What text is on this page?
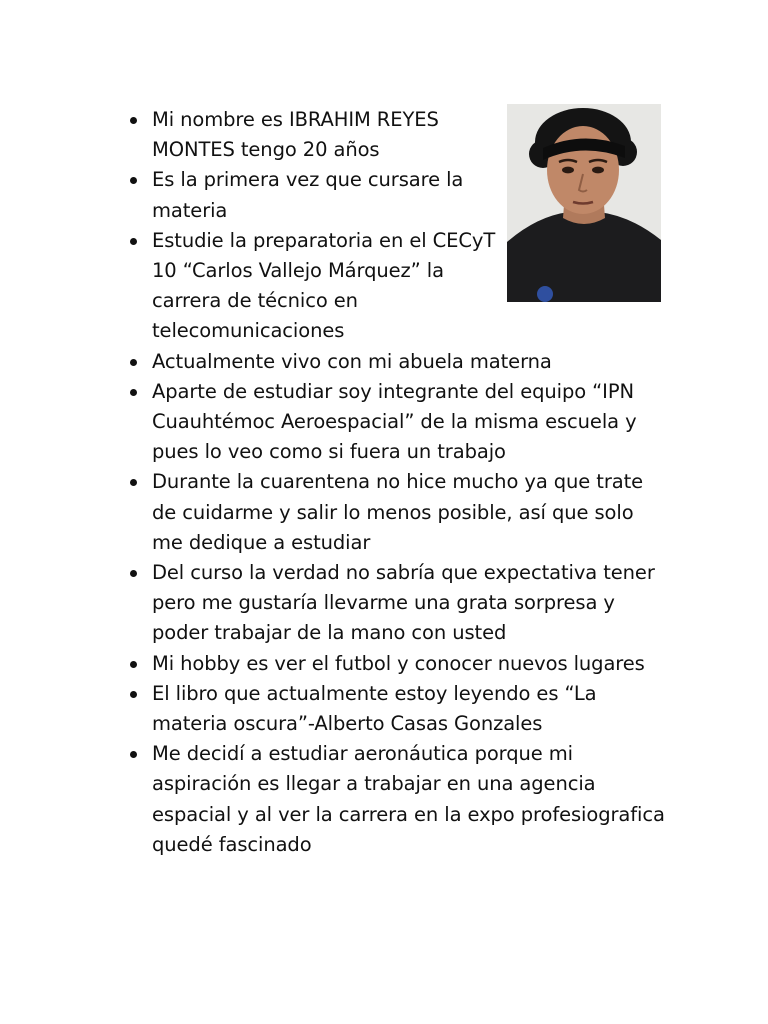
Mi nombre es IBRAHIM REYES MONTES tengo 20 años
Es la primera vez que cursare la materia
Estudie la preparatoria en el CECyT 10 “Carlos Vallejo Márquez” la carrera de técnico en telecomunicaciones
Actualmente vivo con mi abuela materna
Aparte de estudiar soy integrante del equipo “IPN Cuauhtémoc Aeroespacial” de la misma escuela y pues lo veo como si fuera un trabajo
Durante la cuarentena no hice mucho ya que trate de cuidarme y salir lo menos posible, así que solo me dedique a estudiar
Del curso la verdad no sabría que expectativa tener pero me gustaría llevarme una grata sorpresa y poder trabajar de la mano con usted
Mi hobby es ver el futbol y conocer nuevos lugares
El libro que actualmente estoy leyendo es “La materia oscura”-Alberto Casas Gonzales
Me decidí a estudiar aeronáutica porque mi aspiración es llegar a trabajar en una agencia espacial y al ver la carrera en la expo profesiografica quedé fascinado
